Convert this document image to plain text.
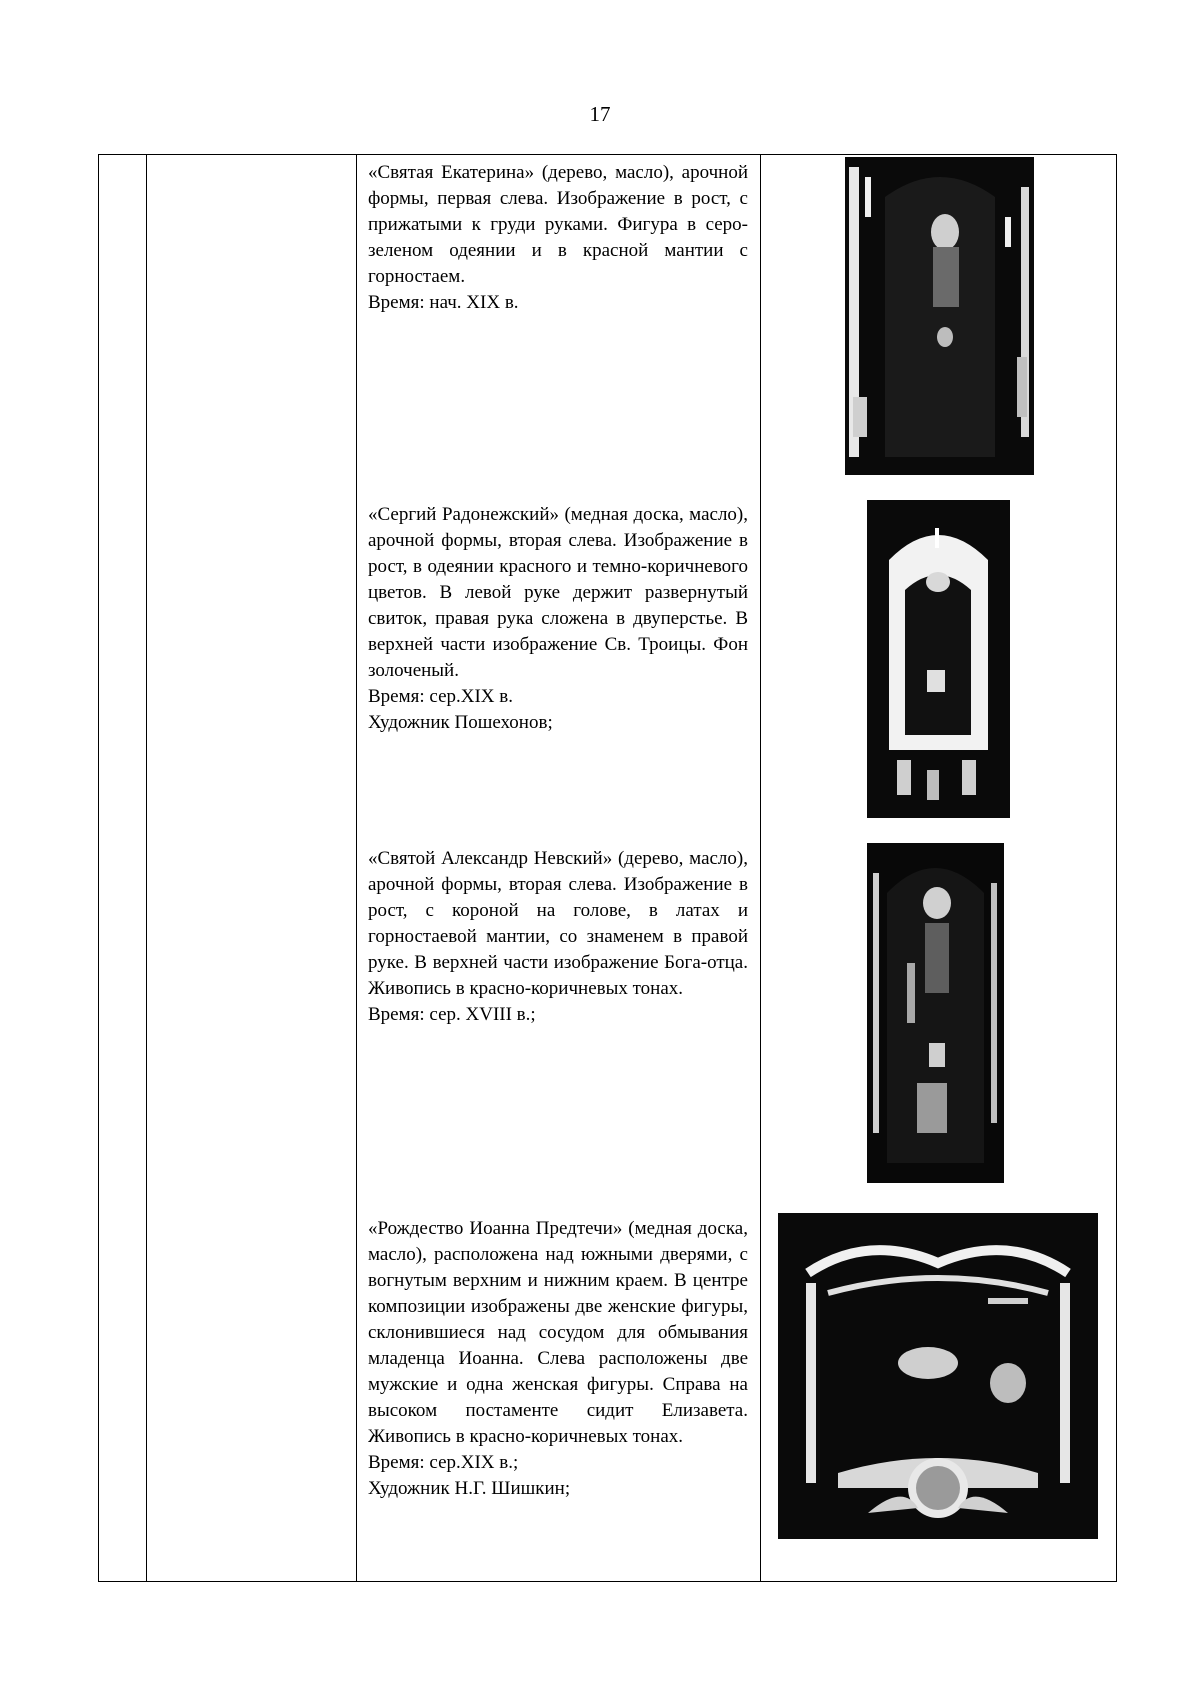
17

«Святая Екатерина» (дерево, масло), арочной формы, первая слева. Изображение в рост, с прижатыми к груди руками. Фигура в серо-зеленом одеянии и в красной мантии с горностаем.

Время: нач. XIX в.

«Сергий Радонежский» (медная доска, масло), арочной формы, вторая слева. Изображение в рост, в одеянии красного и темно-коричневого цветов. В левой руке держит развернутый свиток, правая рука сложена в двуперстье. В верхней части изображение Св. Троицы. Фон золоченый.

Время: сер.XIX в.
Художник Пошехонов;

«Святой Александр Невский» (дерево, масло), арочной формы, вторая слева. Изображение в рост, с короной на голове, в латах и горностаевой мантии, со знаменем в правой руке. В верхней части изображение Бога-отца. Живопись в красно-коричневых тонах.

Время: сер. XVIII в.;

«Рождество Иоанна Предтечи» (медная доска, масло), расположена над южными дверями, с вогнутым верхним и нижним краем. В центре композиции изображены две женские фигуры, склонившиеся над сосудом для обмывания младенца Иоанна. Слева расположены две мужские и одна женская фигуры. Справа на высоком постаменте сидит Елизавета. Живопись в красно-коричневых тонах.

Время: сер.XIX в.;
Художник Н.Г. Шишкин;
